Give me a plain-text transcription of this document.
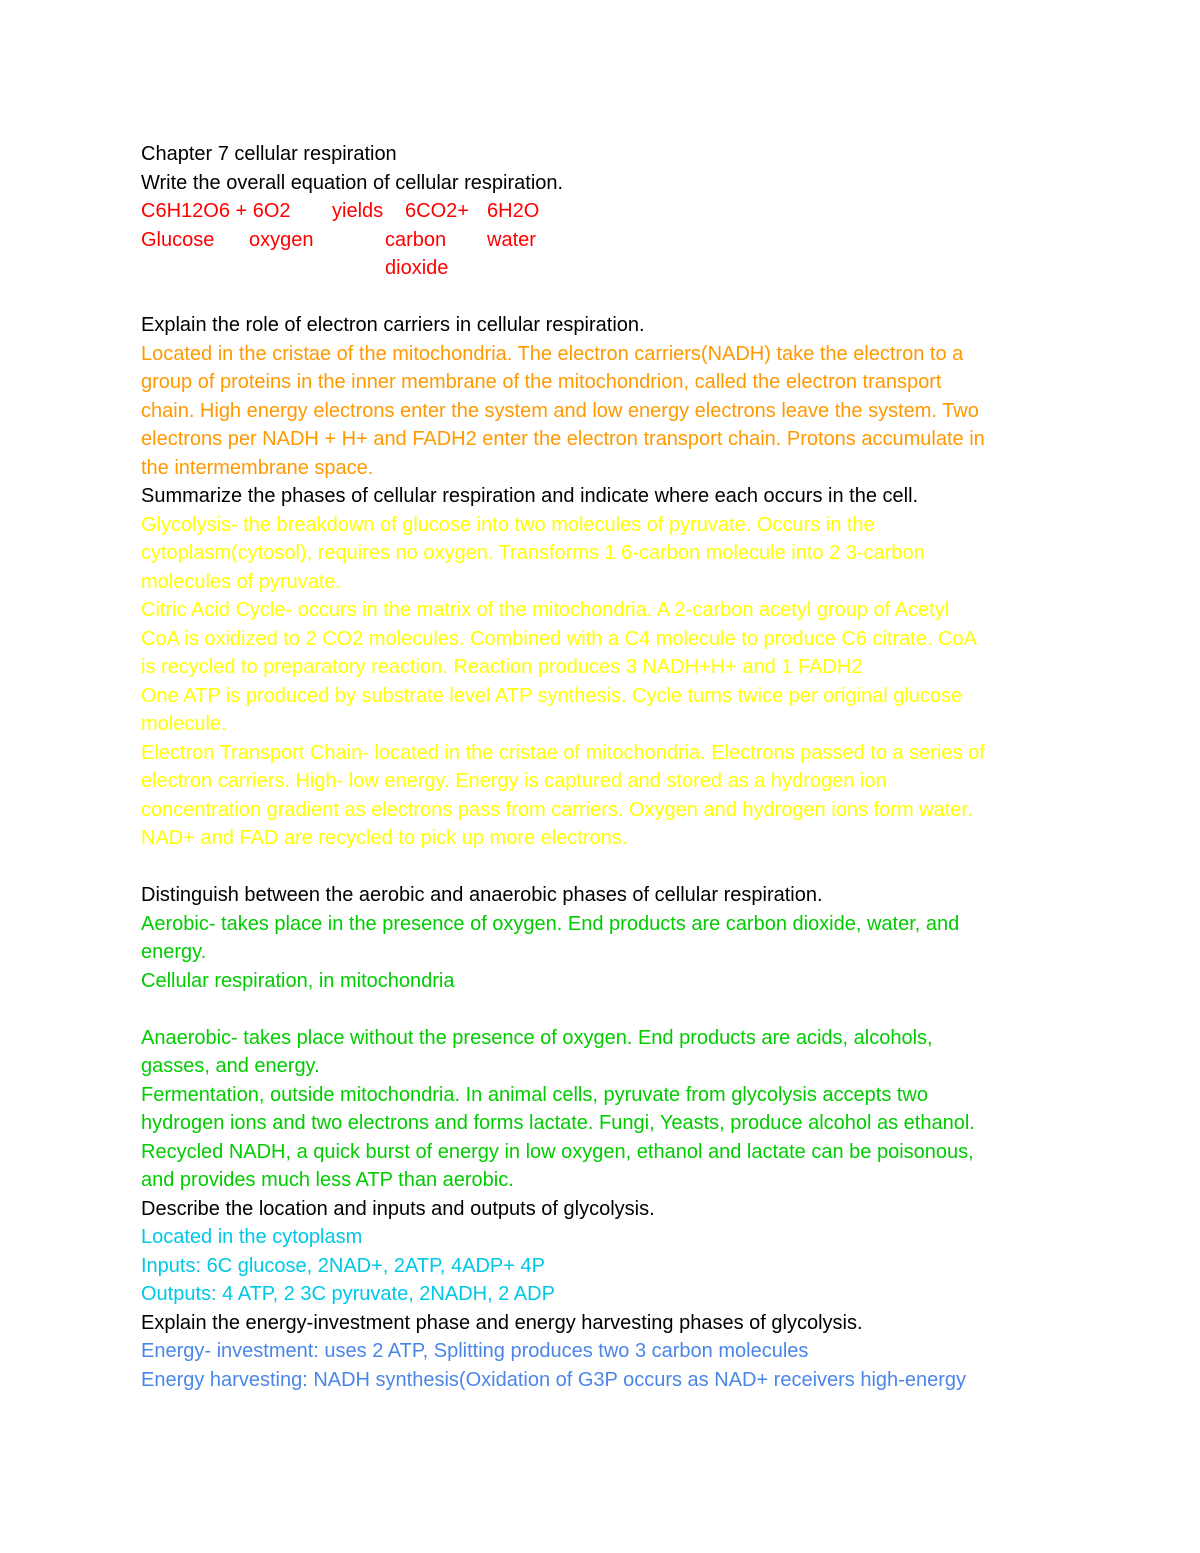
Chapter 7 cellular respiration

Write the overall equation of cellular respiration.

C6H12O6 + 6O2 yields 6CO2+ 6H2O
Glucose oxygen	carbon water
dioxide

Explain the role of electron carriers in cellular respiration.

Located in the cristae of the mitochondria. The electron carriers(NADH) take the electron to a

group of proteins in the inner membrane of the mitochondrion, called the electron transport

chain. High energy electrons enter the system and low energy electrons leave the system. Two

electrons per NADH + H+ and FADH2 enter the electron transport chain. Protons accumulate in

the intermembrane space.

Summarize the phases of cellular respiration and indicate where each occurs in the cell.

Glycolysis- the breakdown of glucose into two molecules of pyruvate. Occurs in the

cytoplasm(cytosol), requires no oxygen. Transforms 1 6-carbon molecule into 2 3-carbon

molecules of pyruvate.

Citric Acid Cycle- occurs in the matrix of the mitochondria. A 2-carbon acetyl group of Acetyl

CoA is oxidized to 2 CO2 molecules. Combined with a C4 molecule to produce C6 citrate. CoA

is recycled to preparatory reaction. Reaction produces 3 NADH+H+ and 1 FADH2

One ATP is produced by substrate level ATP synthesis. Cycle turns twice per original glucose

molecule.

Electron Transport Chain- located in the cristae of mitochondria. Electrons passed to a series of

electron carriers. High- low energy. Energy is captured and stored as a hydrogen ion

concentration gradient as electrons pass from carriers. Oxygen and hydrogen ions form water.

NAD+ and FAD are recycled to pick up more electrons.

Distinguish between the aerobic and anaerobic phases of cellular respiration.

Aerobic- takes place in the presence of oxygen. End products are carbon dioxide, water, and

energy.

Cellular respiration, in mitochondria

Anaerobic- takes place without the presence of oxygen. End products are acids, alcohols,

gasses, and energy.

Fermentation, outside mitochondria. In animal cells, pyruvate from glycolysis accepts two

hydrogen ions and two electrons and forms lactate. Fungi, Yeasts, produce alcohol as ethanol.

Recycled NADH, a quick burst of energy in low oxygen, ethanol and lactate can be poisonous,

and provides much less ATP than aerobic.

Describe the location and inputs and outputs of glycolysis.

Located in the cytoplasm

Inputs: 6C glucose, 2NAD+, 2ATP, 4ADP+ 4P

Outputs: 4 ATP, 2 3C pyruvate, 2NADH, 2 ADP

Explain the energy-investment phase and energy harvesting phases of glycolysis.

Energy- investment: uses 2 ATP, Splitting produces two 3 carbon molecules

Energy harvesting: NADH synthesis(Oxidation of G3P occurs as NAD+ receivers high-energy
